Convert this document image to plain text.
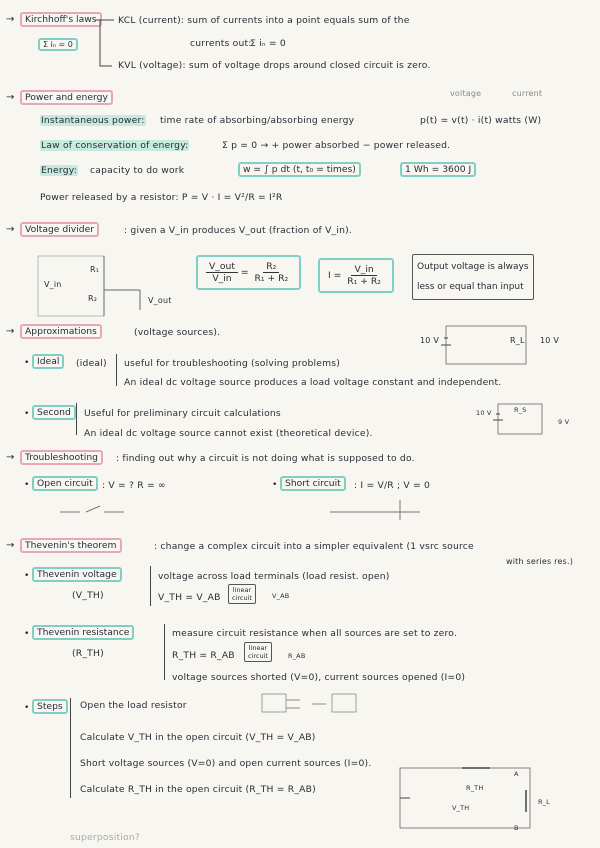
→	Kirchhoff's laws
Σ iₙ = 0
KCL (current): sum of currents into a point equals sum of the
currents out:
Σ iₙ = 0
KVL (voltage): sum of voltage drops around closed circuit is zero.
→	Power and energy	voltage	current
Instantaneous power: time rate of absorbing/absorbing energy	p(t) = v(t) · i(t) watts (W)
Law of conservation of energy:	Σ p = 0 → + power absorbed − power released.
Energy: capacity to do work	w = ∫ p dt (t, t₀ = times)	1 Wh = 3600 J
Power released by a resistor: P = V · I = V²/R = I²R
→	Voltage divider	: given a V_in produces V_out (fraction of V_in).
R₁
R₂
V_in
V_out
$\frac{\text{V\_out}}{V\_in} = \frac{\text{R₂}}{\text{R₁ + R₂}}$	$I = \frac{V\_in}{\text{R₁ + R₂}}$	Output voltage is always
less or equal than input
→	Approximations	(voltage sources).
• Ideal	(ideal) useful for troubleshooting (solving problems)
An ideal dc voltage source produces a load voltage constant and independent.
10 V	R_L 10 V
• Second	Useful for preliminary circuit calculations
An ideal dc voltage source cannot exist (theoretical device).
10 V	R_S
9 V
→	Troubleshooting	: finding out why a circuit is not doing what is supposed to do.
• Open circuit	: V = ? R = ∞	• Short circuit	: I = V/R ; V = 0
→	Thevenin's theorem	: change a complex circuit into a simpler equivalent (1 vsrc source
with series res.)
• Thevenin voltage
(V_TH)
voltage across load terminals (load resist. open)
V_TH = V_AB
linear
circuit	V_AB
• Thevenin resistance
(R_TH)
measure circuit resistance when all sources are set to zero.
R_TH = R_AB
linear
circuit	R_AB
voltage sources shorted (V=0), current sources opened (I=0)
• Steps	Open the load resistor
Calculate V_TH in the open circuit (V_TH = V_AB)
Short voltage sources (V=0) and open current sources (I=0).
Calculate R_TH in the open circuit (R_TH = R_AB)	R_TH
V_TH
R_L
A
B
superposition?
